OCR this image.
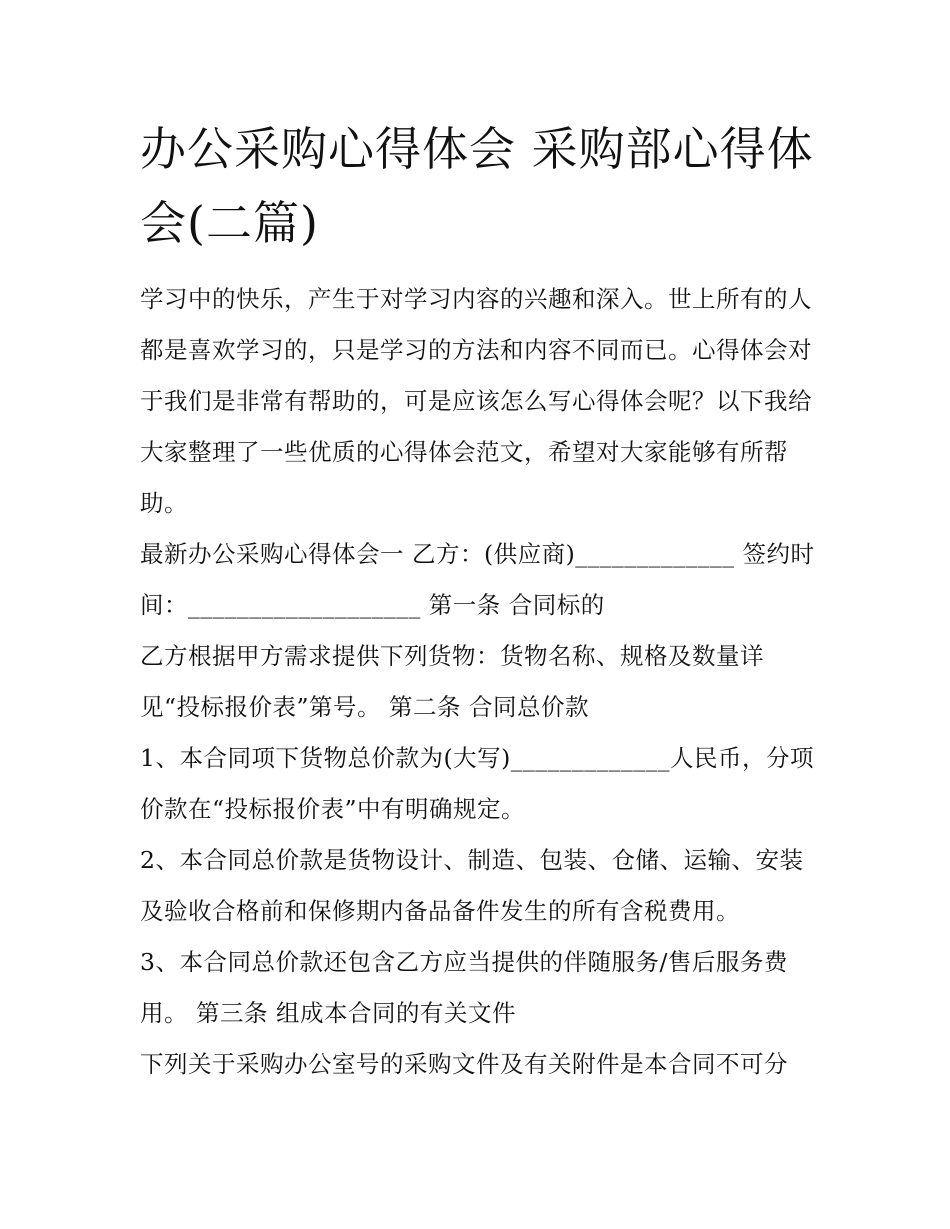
办公采购心得体会 采购部心得体会(二篇)

学习中的快乐，产生于对学习内容的兴趣和深入。世上所有的人都是喜欢学习的，只是学习的方法和内容不同而已。心得体会对于我们是非常有帮助的，可是应该怎么写心得体会呢？以下我给大家整理了一些优质的心得体会范文，希望对大家能够有所帮助。

最新办公采购心得体会一 乙方：(供应商)_____________ 签约时间：___________________ 第一条 合同标的

乙方根据甲方需求提供下列货物：货物名称、规格及数量详见“投标报价表”第号。 第二条 合同总价款

1、本合同项下货物总价款为(大写)_____________人民币，分项价款在“投标报价表”中有明确规定。

2、本合同总价款是货物设计、制造、包装、仓储、运输、安装及验收合格前和保修期内备品备件发生的所有含税费用。

3、本合同总价款还包含乙方应当提供的伴随服务/售后服务费用。 第三条 组成本合同的有关文件

下列关于采购办公室号的采购文件及有关附件是本合同不可分
